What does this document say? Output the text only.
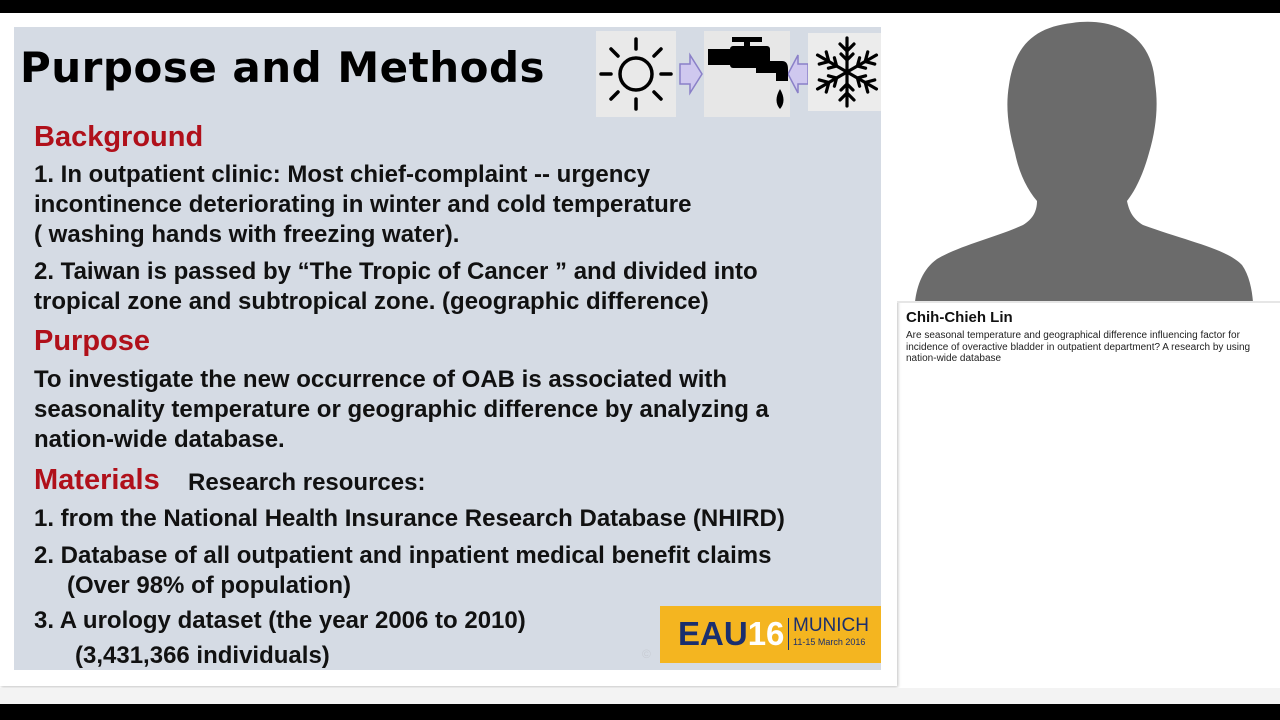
Purpose and Methods
Background
1. In outpatient clinic: Most chief-complaint -- urgency
incontinence deteriorating in winter and cold temperature
( washing hands with freezing water).
2. Taiwan is passed by “The Tropic of Cancer ” and divided into
tropical zone and subtropical zone. (geographic difference)
Purpose
To investigate the new occurrence of OAB is associated with
seasonality temperature or geographic difference by analyzing a
nation-wide database.
Materials Research resources:
1. from the National Health Insurance Research Database (NHIRD)
2. Database of all outpatient and inpatient medical benefit claims
(Over 98% of population)
3. A urology dataset (the year 2006 to 2010)
(3,431,366 individuals)	©
EAU16 MUNICH
11-15 March 2016
Chih-Chieh Lin
Are seasonal temperature and geographical difference influencing factor for incidence of overactive bladder in outpatient department? A research by using nation-wide database
